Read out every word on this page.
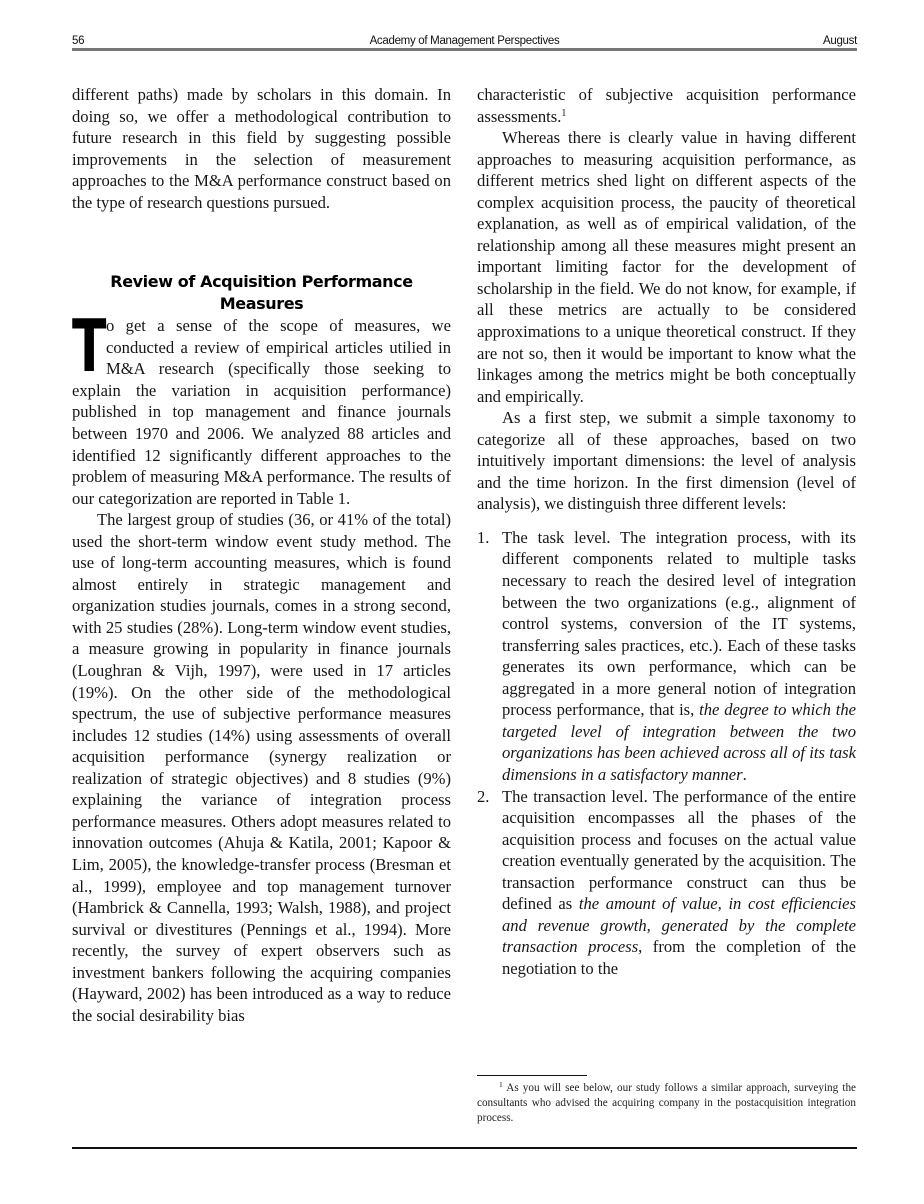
56	Academy of Management Perspectives	August

different paths) made by scholars in this domain. In doing so, we offer a methodological contribution to future research in this field by suggesting possible improvements in the selection of measurement approaches to the M&A performance construct based on the type of research questions pursued.

Review of Acquisition Performance Measures

To get a sense of the scope of measures, we conducted a review of empirical articles utilied in M&A research (specifically those seeking to explain the variation in acquisition performance) published in top management and finance journals between 1970 and 2006. We analyzed 88 articles and identified 12 significantly different approaches to the problem of measuring M&A performance. The results of our categorization are reported in Table 1.

The largest group of studies (36, or 41% of the total) used the short-term window event study method. The use of long-term accounting measures, which is found almost entirely in strategic management and organization studies journals, comes in a strong second, with 25 studies (28%). Long-term window event studies, a measure growing in popularity in finance journals (Loughran & Vijh, 1997), were used in 17 articles (19%). On the other side of the methodological spectrum, the use of subjective performance measures includes 12 studies (14%) using assessments of overall acquisition performance (synergy realization or realization of strategic objectives) and 8 studies (9%) explaining the variance of integration process performance measures. Others adopt measures related to innovation outcomes (Ahuja & Katila, 2001; Kapoor & Lim, 2005), the knowledge-transfer process (Bresman et al., 1999), employee and top management turnover (Hambrick & Cannella, 1993; Walsh, 1988), and project survival or divestitures (Pennings et al., 1994). More recently, the survey of expert observers such as investment bankers following the acquiring companies (Hayward, 2002) has been introduced as a way to reduce the social desirability bias

characteristic of subjective acquisition performance assessments.$^1$

Whereas there is clearly value in having different approaches to measuring acquisition performance, as different metrics shed light on different aspects of the complex acquisition process, the paucity of theoretical explanation, as well as of empirical validation, of the relationship among all these measures might present an important limiting factor for the development of scholarship in the field. We do not know, for example, if all these metrics are actually to be considered approximations to a unique theoretical construct. If they are not so, then it would be important to know what the linkages among the metrics might be both conceptually and empirically.

As a first step, we submit a simple taxonomy to categorize all of these approaches, based on two intuitively important dimensions: the level of analysis and the time horizon. In the first dimension (level of analysis), we distinguish three different levels:

1. The task level. The integration process, with its different components related to multiple tasks necessary to reach the desired level of integration between the two organizations (e.g., alignment of control systems, conversion of the IT systems, transferring sales practices, etc.). Each of these tasks generates its own performance, which can be aggregated in a more general notion of integration process performance, that is, the degree to which the targeted level of integration between the two organizations has been achieved across all of its task dimensions in a satisfactory manner.
2. The transaction level. The performance of the entire acquisition encompasses all the phases of the acquisition process and focuses on the actual value creation eventually generated by the acquisition. The transaction performance construct can thus be defined as the amount of value, in cost efficiencies and revenue growth, generated by the complete transaction process, from the completion of the negotiation to the
$^1$ As you will see below, our study follows a similar approach, surveying the consultants who advised the acquiring company in the postacquisition integration process.
